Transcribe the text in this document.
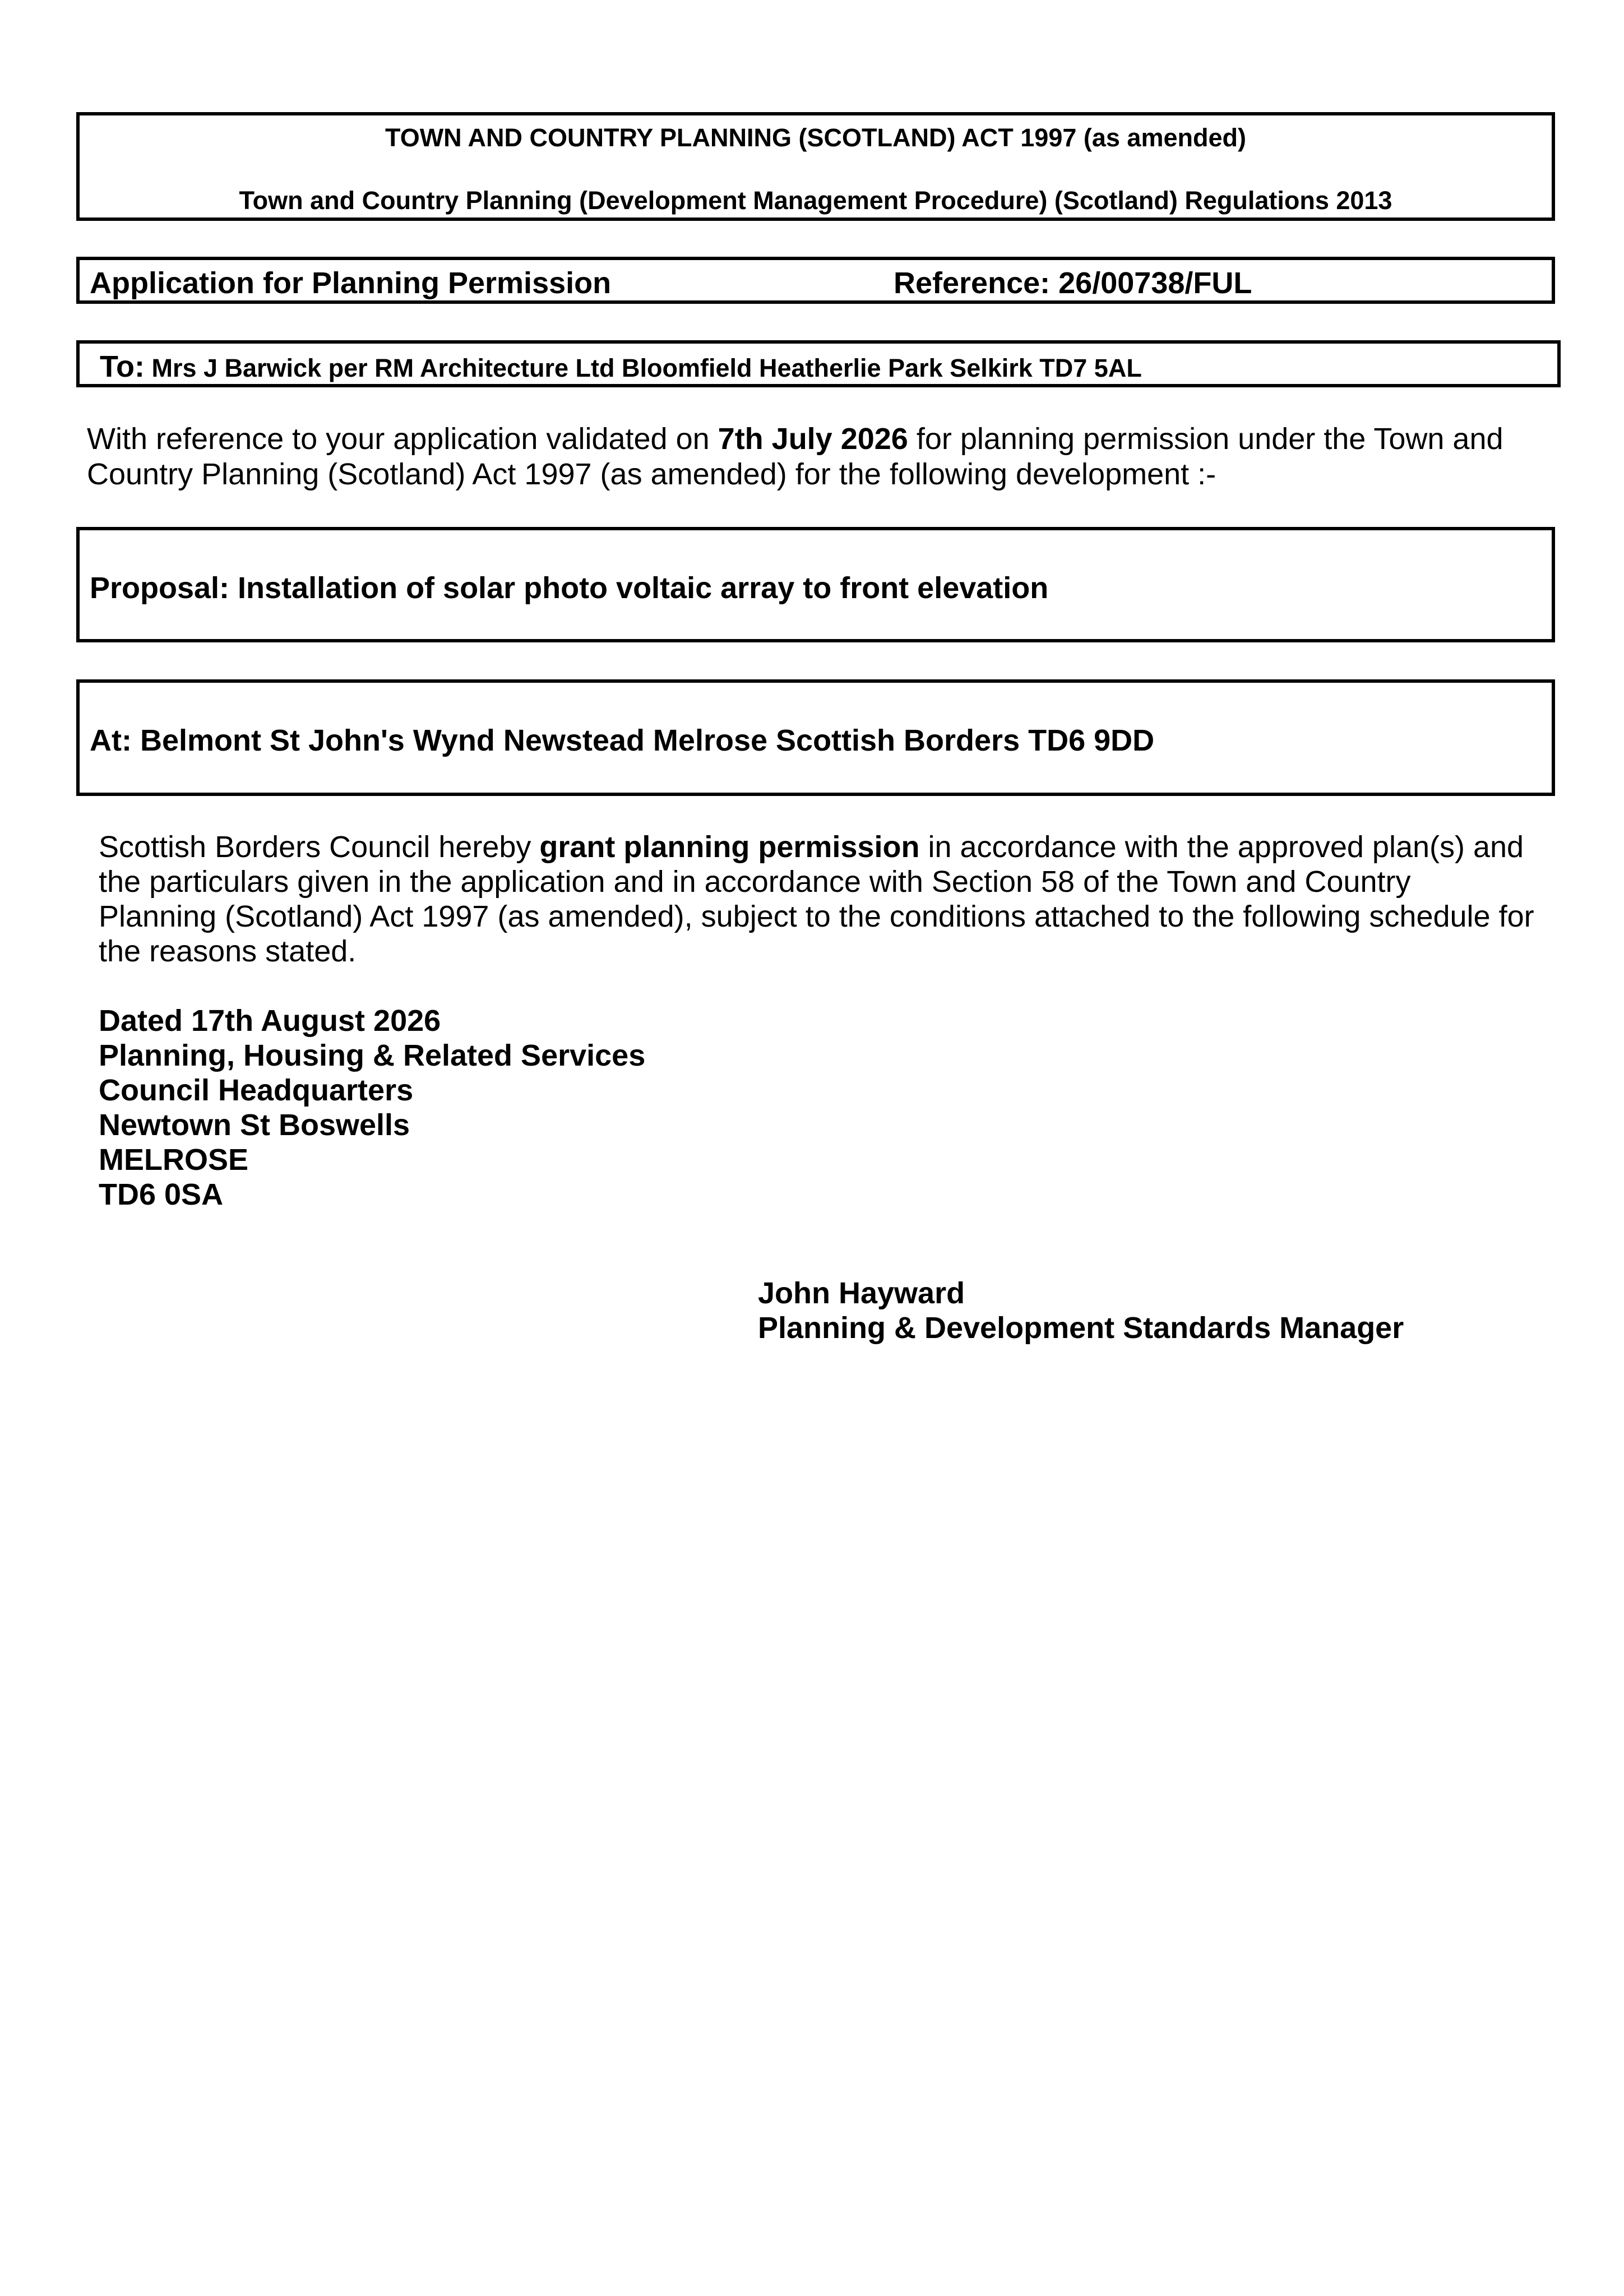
TOWN AND COUNTRY PLANNING (SCOTLAND) ACT 1997 (as amended)
Town and Country Planning (Development Management Procedure) (Scotland) Regulations 2013
Application for Planning Permission	Reference: 26/00738/FUL
To: Mrs J Barwick per RM Architecture Ltd Bloomfield Heatherlie Park Selkirk TD7 5AL
With reference to your application validated on 7th July 2026 for planning permission under the Town and
Country Planning (Scotland) Act 1997 (as amended) for the following development :-
Proposal: Installation of solar photo voltaic array to front elevation
At: Belmont St John's Wynd Newstead Melrose Scottish Borders TD6 9DD
Scottish Borders Council hereby grant planning permission in accordance with the approved plan(s) and
the particulars given in the application and in accordance with Section 58 of the Town and Country
Planning (Scotland) Act 1997 (as amended), subject to the conditions attached to the following schedule for
the reasons stated.
Dated 17th August 2026
Planning, Housing & Related Services
Council Headquarters
Newtown St Boswells
MELROSE
TD6 0SA
John Hayward
Planning & Development Standards Manager
